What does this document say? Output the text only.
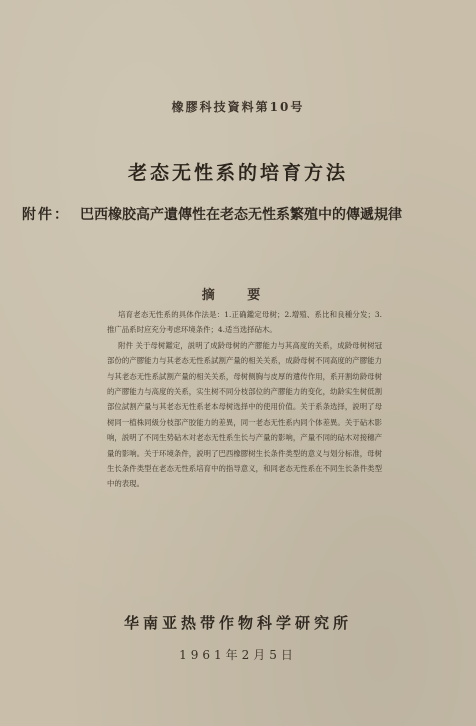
橡膠科技資料第10号
老态无性系的培育方法
附件： 巴西橡胶高产遺傳性在老态无性系繁殖中的傳遞規律
摘 要

培育老态无性系的具体作法是：1.正确鑑定母树；2.增殖、系比和良種分发；3.推广品系时应充分考虑环境条件；4.适当选择砧木。

附件 关于母树鑑定，説明了成龄母树的产膠能力与其高度的关系，成龄母树树冠部份的产膠能力与其老态无性系試割产量的相关关系，成龄母树不同高度的产膠能力与其老态无性系試割产量的相关关系，母树侧胸与皮厚的遺传作用，系开割幼龄母树的产膠能力与高度的关系，实生树不同分枝部位的产膠能力的变化，幼龄实生树低割部位試割产量与其老态无性系老本母树选择中的使用价值。关于系条选择，説明了母树同一植株同級分枝部产胶能力的差異，同一老态无性系内同个体差異。关于砧木影响，説明了不同生势砧木对老态无性系生长与产量的影响，产量不同的砧木对接穗产量的影响。关于环境条件，説明了巴西橡膠树生长条件类型的意义与划分标准，母树生长条件类型在老态无性系培育中的指导意义，和同老态无性系在不同生长条件类型中的表現。

华南亚热带作物科学研究所
1961年2月5日
